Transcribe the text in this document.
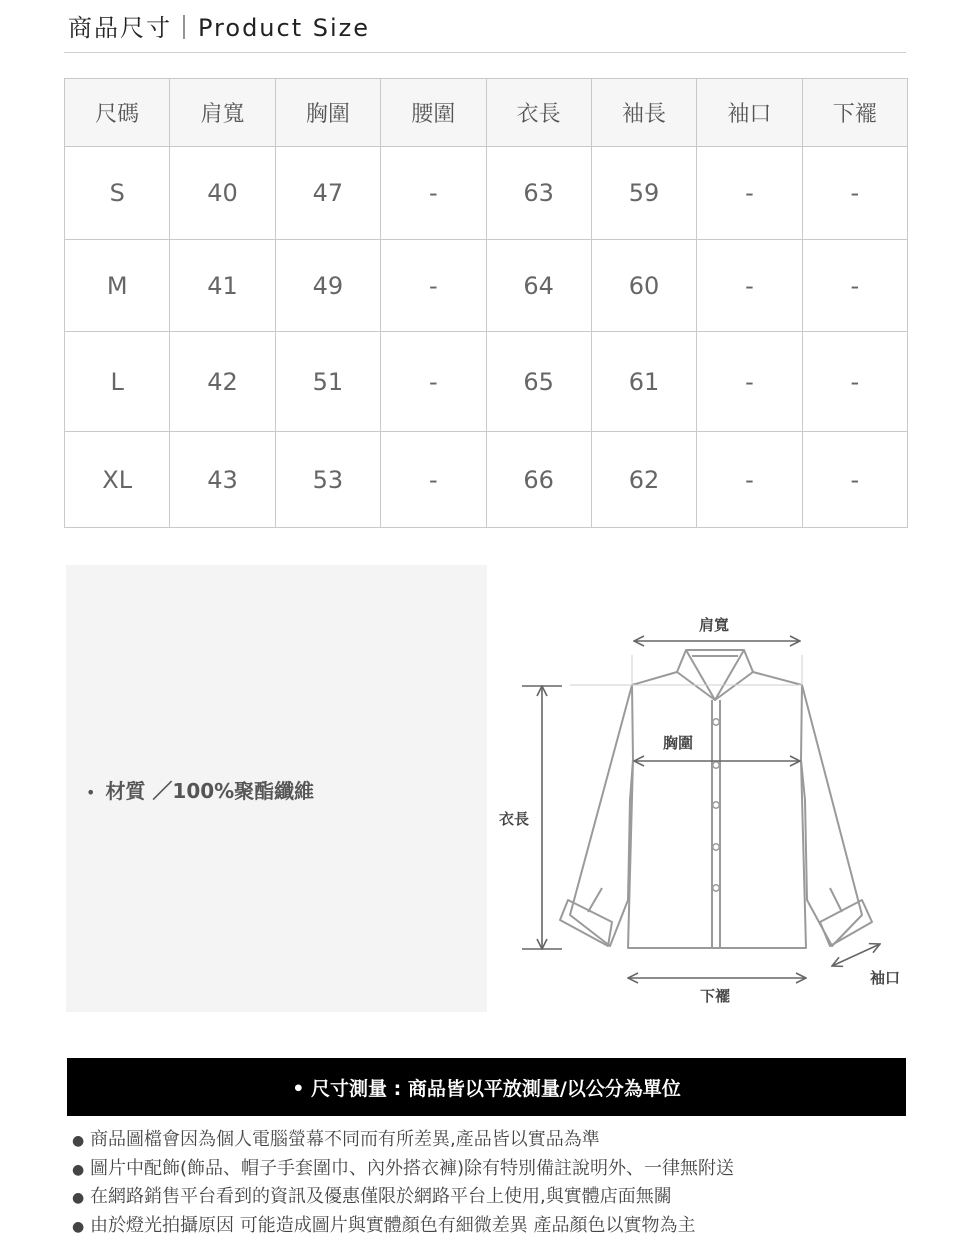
商品尺寸｜Product Size
尺碼	肩寬	胸圍	腰圍	衣長	袖長	袖口	下襬
S	40	47	-	63	59	-	-
M	41	49	-	64	60	-	-
L	42	51	-	65	61	-	-
XL	43	53	-	66	62	-	-
• 材質 ／100%聚酯纖維
肩寬
胸圍
衣長
下襬
袖口
• 尺寸測量 : 商品皆以平放測量/以公分為單位
● 商品圖檔會因為個人電腦螢幕不同而有所差異,產品皆以實品為準
● 圖片中配飾(飾品、帽子手套圍巾、內外搭衣褲)除有特別備註說明外、一律無附送
● 在網路銷售平台看到的資訊及優惠僅限於網路平台上使用,與實體店面無關
● 由於燈光拍攝原因 可能造成圖片與實體顏色有細微差異 產品顏色以實物為主
